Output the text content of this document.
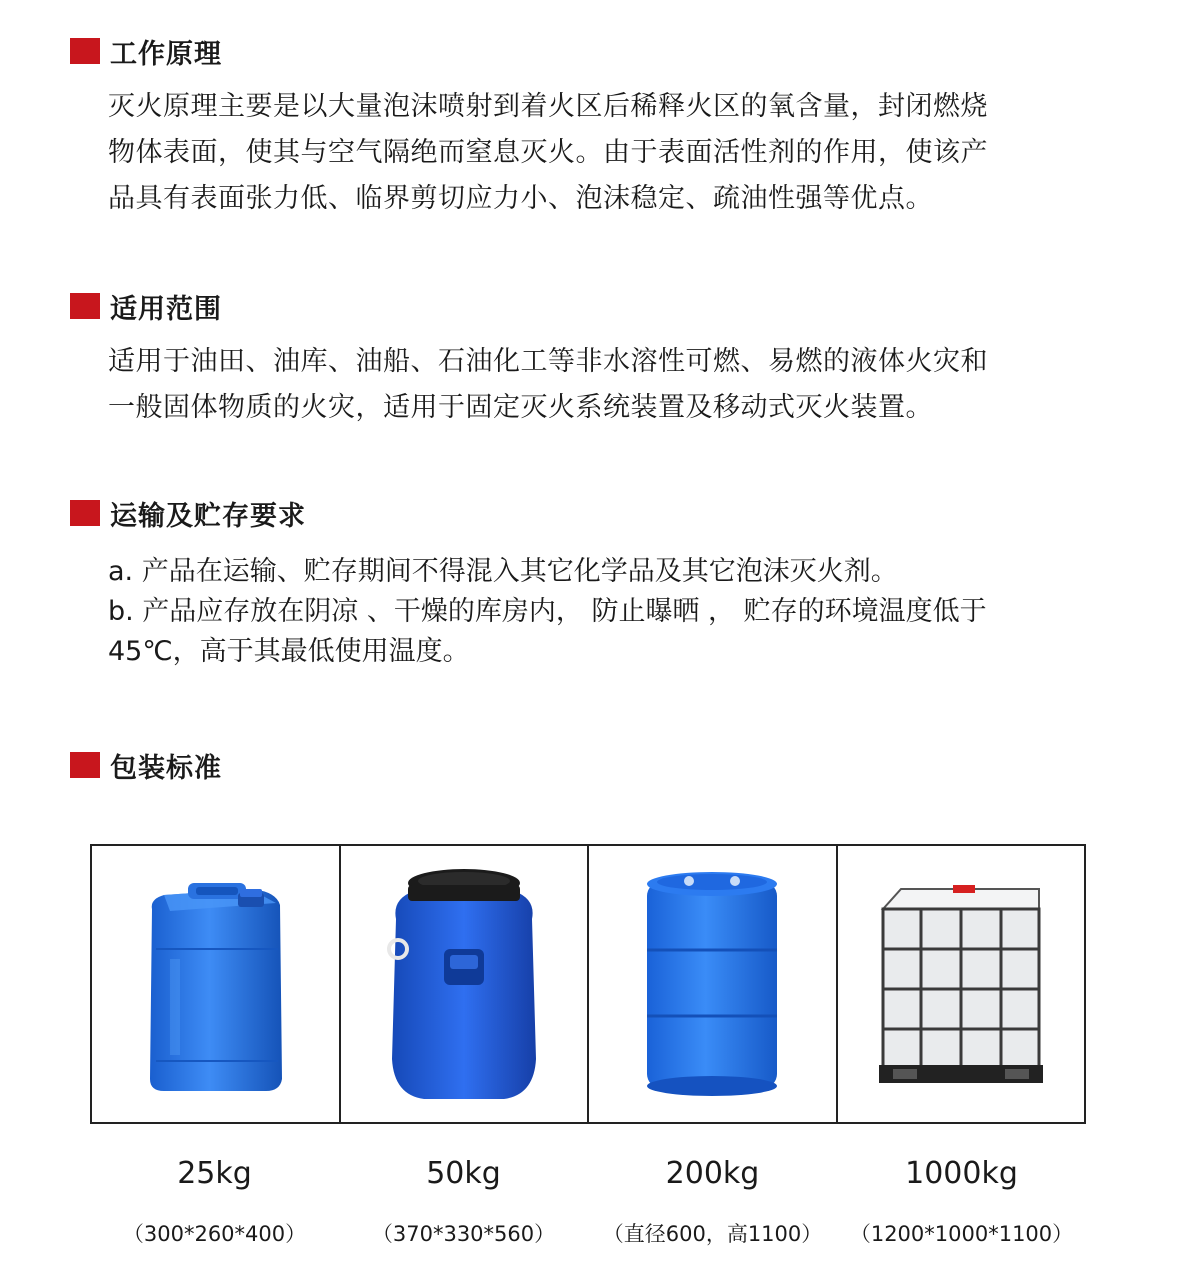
工作原理
灭火原理主要是以大量泡沫喷射到着火区后稀释火区的氧含量，封闭燃烧
物体表面，使其与空气隔绝而窒息灭火。由于表面活性剂的作用，使该产
品具有表面张力低、临界剪切应力小、泡沫稳定、疏油性强等优点。
适用范围
适用于油田、油库、油船、石油化工等非水溶性可燃、易燃的液体火灾和
一般固体物质的火灾，适用于固定灭火系统装置及移动式灭火装置。
运输及贮存要求
a. 产品在运输、贮存期间不得混入其它化学品及其它泡沫灭火剂。
b. 产品应存放在阴凉 、干燥的库房内， 防止曝晒 ， 贮存的环境温度低于
45℃，高于其最低使用温度。
包装标准
25kg	50kg	200kg	1000kg
（300*260*400）	（370*330*560）	（直径600，高1100）	（1200*1000*1100）
